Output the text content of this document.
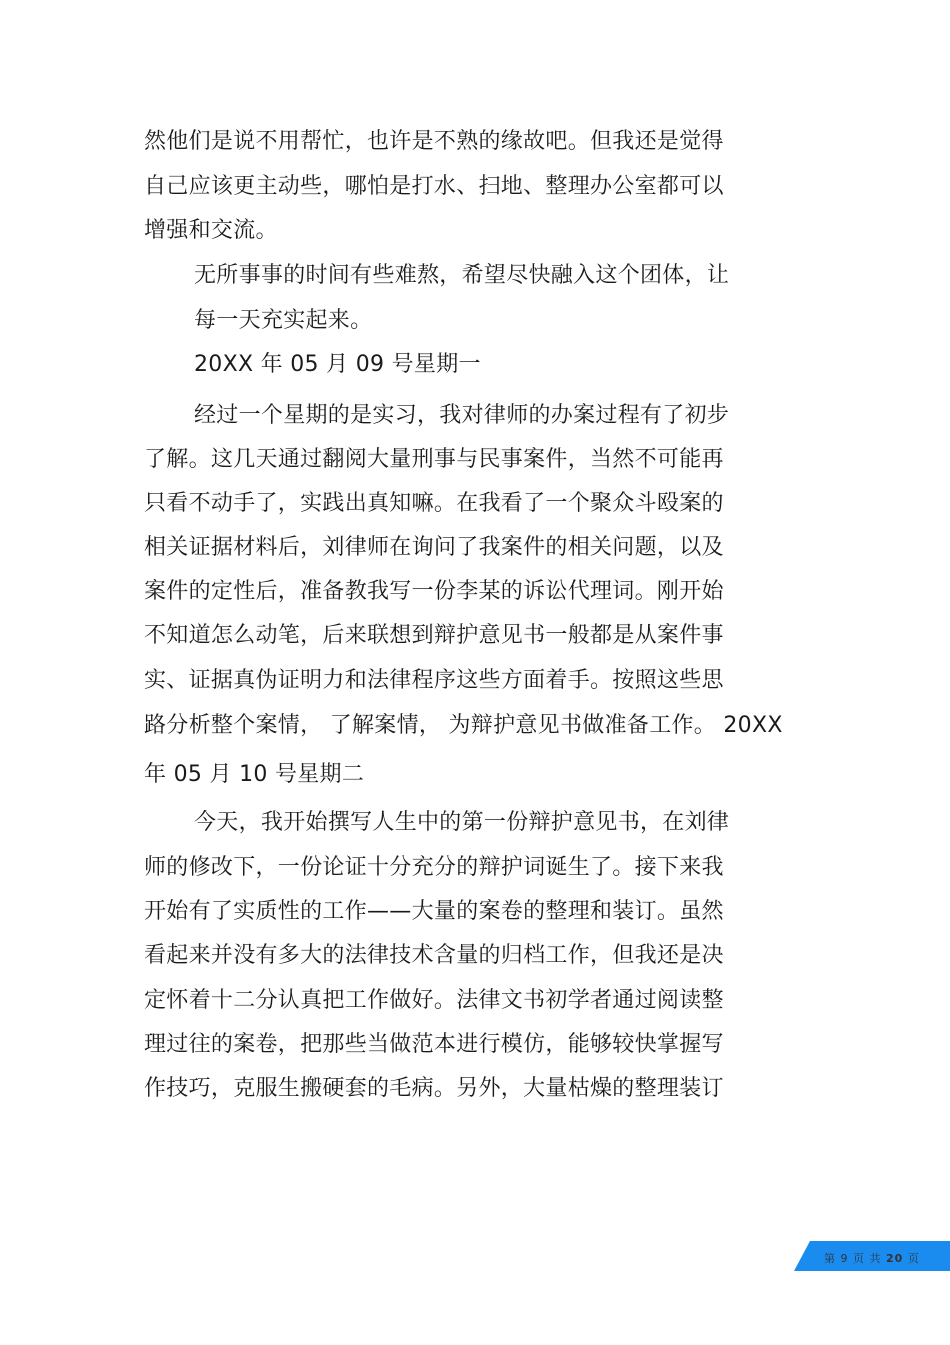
然他们是说不用帮忙，也许是不熟的缘故吧。但我还是觉得

自己应该更主动些，哪怕是打水、扫地、整理办公室都可以

增强和交流。

无所事事的时间有些难熬，希望尽快融入这个团体，让

每一天充实起来。

20XX 年 05 月 09 号星期一

经过一个星期的是实习，我对律师的办案过程有了初步

了解。这几天通过翻阅大量刑事与民事案件，当然不可能再

只看不动手了，实践出真知嘛。在我看了一个聚众斗殴案的

相关证据材料后，刘律师在询问了我案件的相关问题，以及

案件的定性后，准备教我写一份李某的诉讼代理词。刚开始

不知道怎么动笔，后来联想到辩护意见书一般都是从案件事

实、证据真伪证明力和法律程序这些方面着手。按照这些思

路分析整个案情， 了解案情， 为辩护意见书做准备工作。 20XX

年 05 月 10 号星期二

今天，我开始撰写人生中的第一份辩护意见书，在刘律

师的修改下，一份论证十分充分的辩护词诞生了。接下来我

开始有了实质性的工作——大量的案卷的整理和装订。虽然

看起来并没有多大的法律技术含量的归档工作，但我还是决

定怀着十二分认真把工作做好。法律文书初学者通过阅读整

理过往的案卷，把那些当做范本进行模仿，能够较快掌握写

作技巧，克服生搬硬套的毛病。另外，大量枯燥的整理装订

第 9 页 共 20 页
